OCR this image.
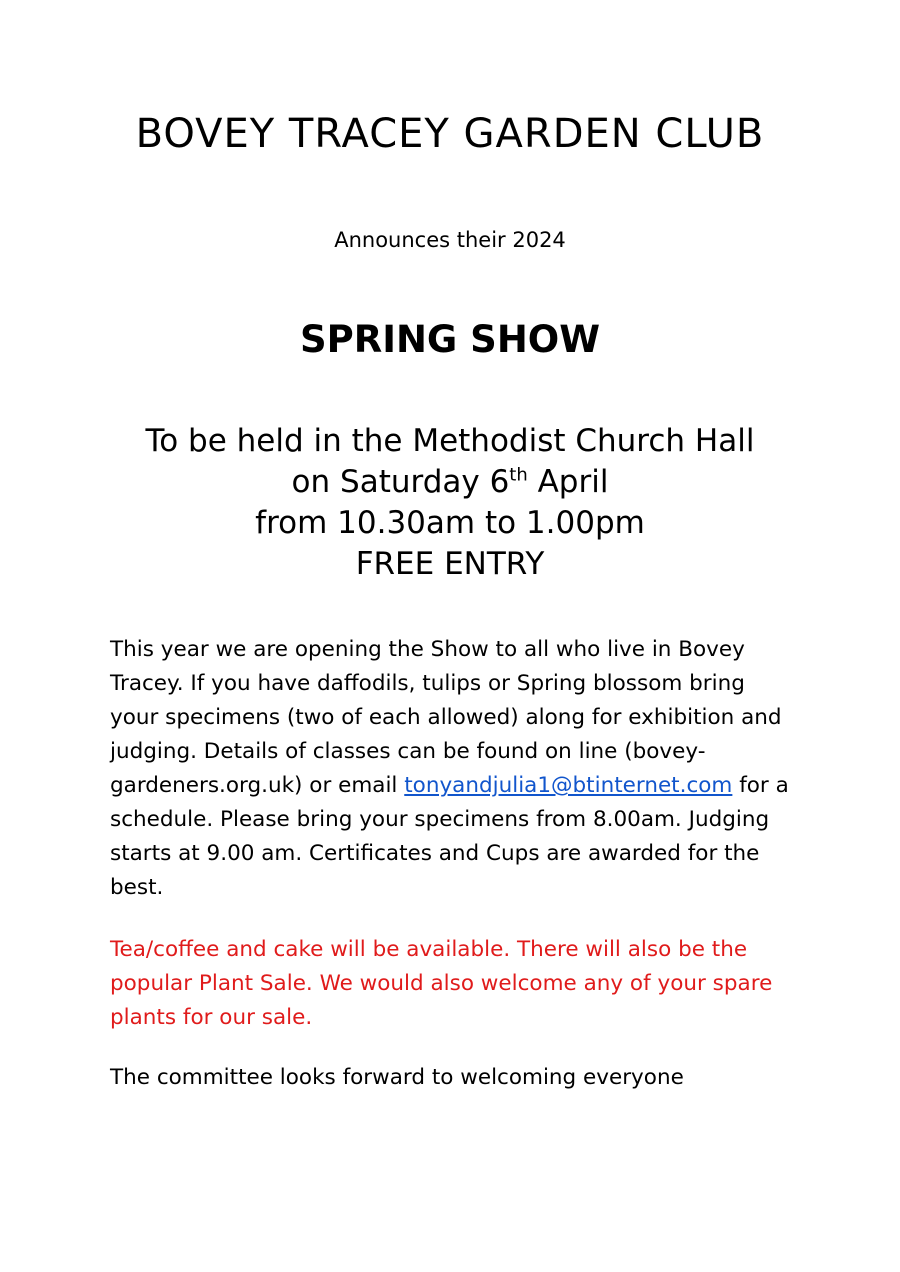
BOVEY TRACEY GARDEN CLUB

Announces their 2024

SPRING SHOW
To be held in the Methodist Church Hall
on Saturday 6th April
from 10.30am to 1.00pm
FREE ENTRY

This year we are opening the Show to all who live in Bovey Tracey. If you have daffodils, tulips or Spring blossom bring your specimens (two of each allowed) along for exhibition and judging. Details of classes can be found on line (bovey-gardeners.org.uk) or email tonyandjulia1@btinternet.com for a schedule. Please bring your specimens from 8.00am. Judging starts at 9.00 am. Certificates and Cups are awarded for the best.

Tea/coffee and cake will be available. There will also be the popular Plant Sale. We would also welcome any of your spare plants for our sale.

The committee looks forward to welcoming everyone
